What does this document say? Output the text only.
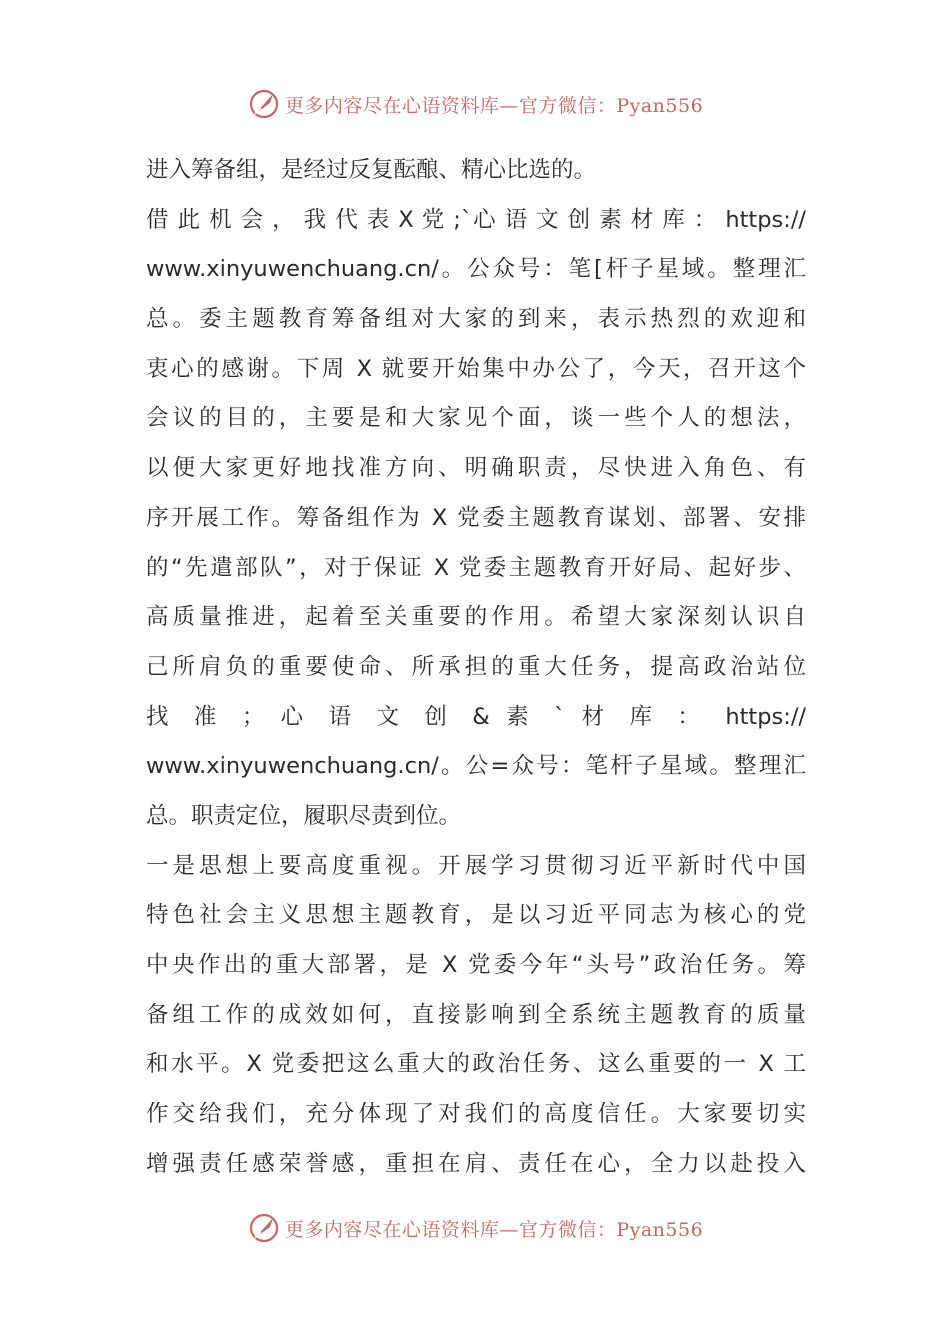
更多内容尽在心语资料库—官方微信：Pyan556
进入筹备组，是经过反复酝酿、精心比选的。
借 此 机 会 ， 我 代 表 X 党 ;`心 语 文 创 素 材 库 ： https://
www.xinyuwenchuang.cn/。公众号：笔[杆子星域。整理汇
总。委主题教育筹备组对大家的到来，表示热烈的欢迎和
衷心的感谢。下周 X 就要开始集中办公了，今天，召开这个
会议的目的，主要是和大家见个面，谈一些个人的想法，
以便大家更好地找准方向、明确职责，尽快进入角色、有
序开展工作。筹备组作为 X 党委主题教育谋划、部署、安排
的“先遣部队”，对于保证 X 党委主题教育开好局、起好步、
高质量推进，起着至关重要的作用。希望大家深刻认识自
己所肩负的重要使命、所承担的重大任务，提高政治站位
找 准 ； 心 语 文 创 & 素 ` 材 库 ： https://
www.xinyuwenchuang.cn/。公=众号：笔杆子星域。整理汇
总。职责定位，履职尽责到位。
一是思想上要高度重视。开展学习贯彻习近平新时代中国
特色社会主义思想主题教育，是以习近平同志为核心的党
中央作出的重大部署，是 X 党委今年“头号”政治任务。筹
备组工作的成效如何，直接影响到全系统主题教育的质量
和水平。X 党委把这么重大的政治任务、这么重要的一 X 工
作交给我们，充分体现了对我们的高度信任。大家要切实
增强责任感荣誉感，重担在肩、责任在心，全力以赴投入
更多内容尽在心语资料库—官方微信：Pyan556
